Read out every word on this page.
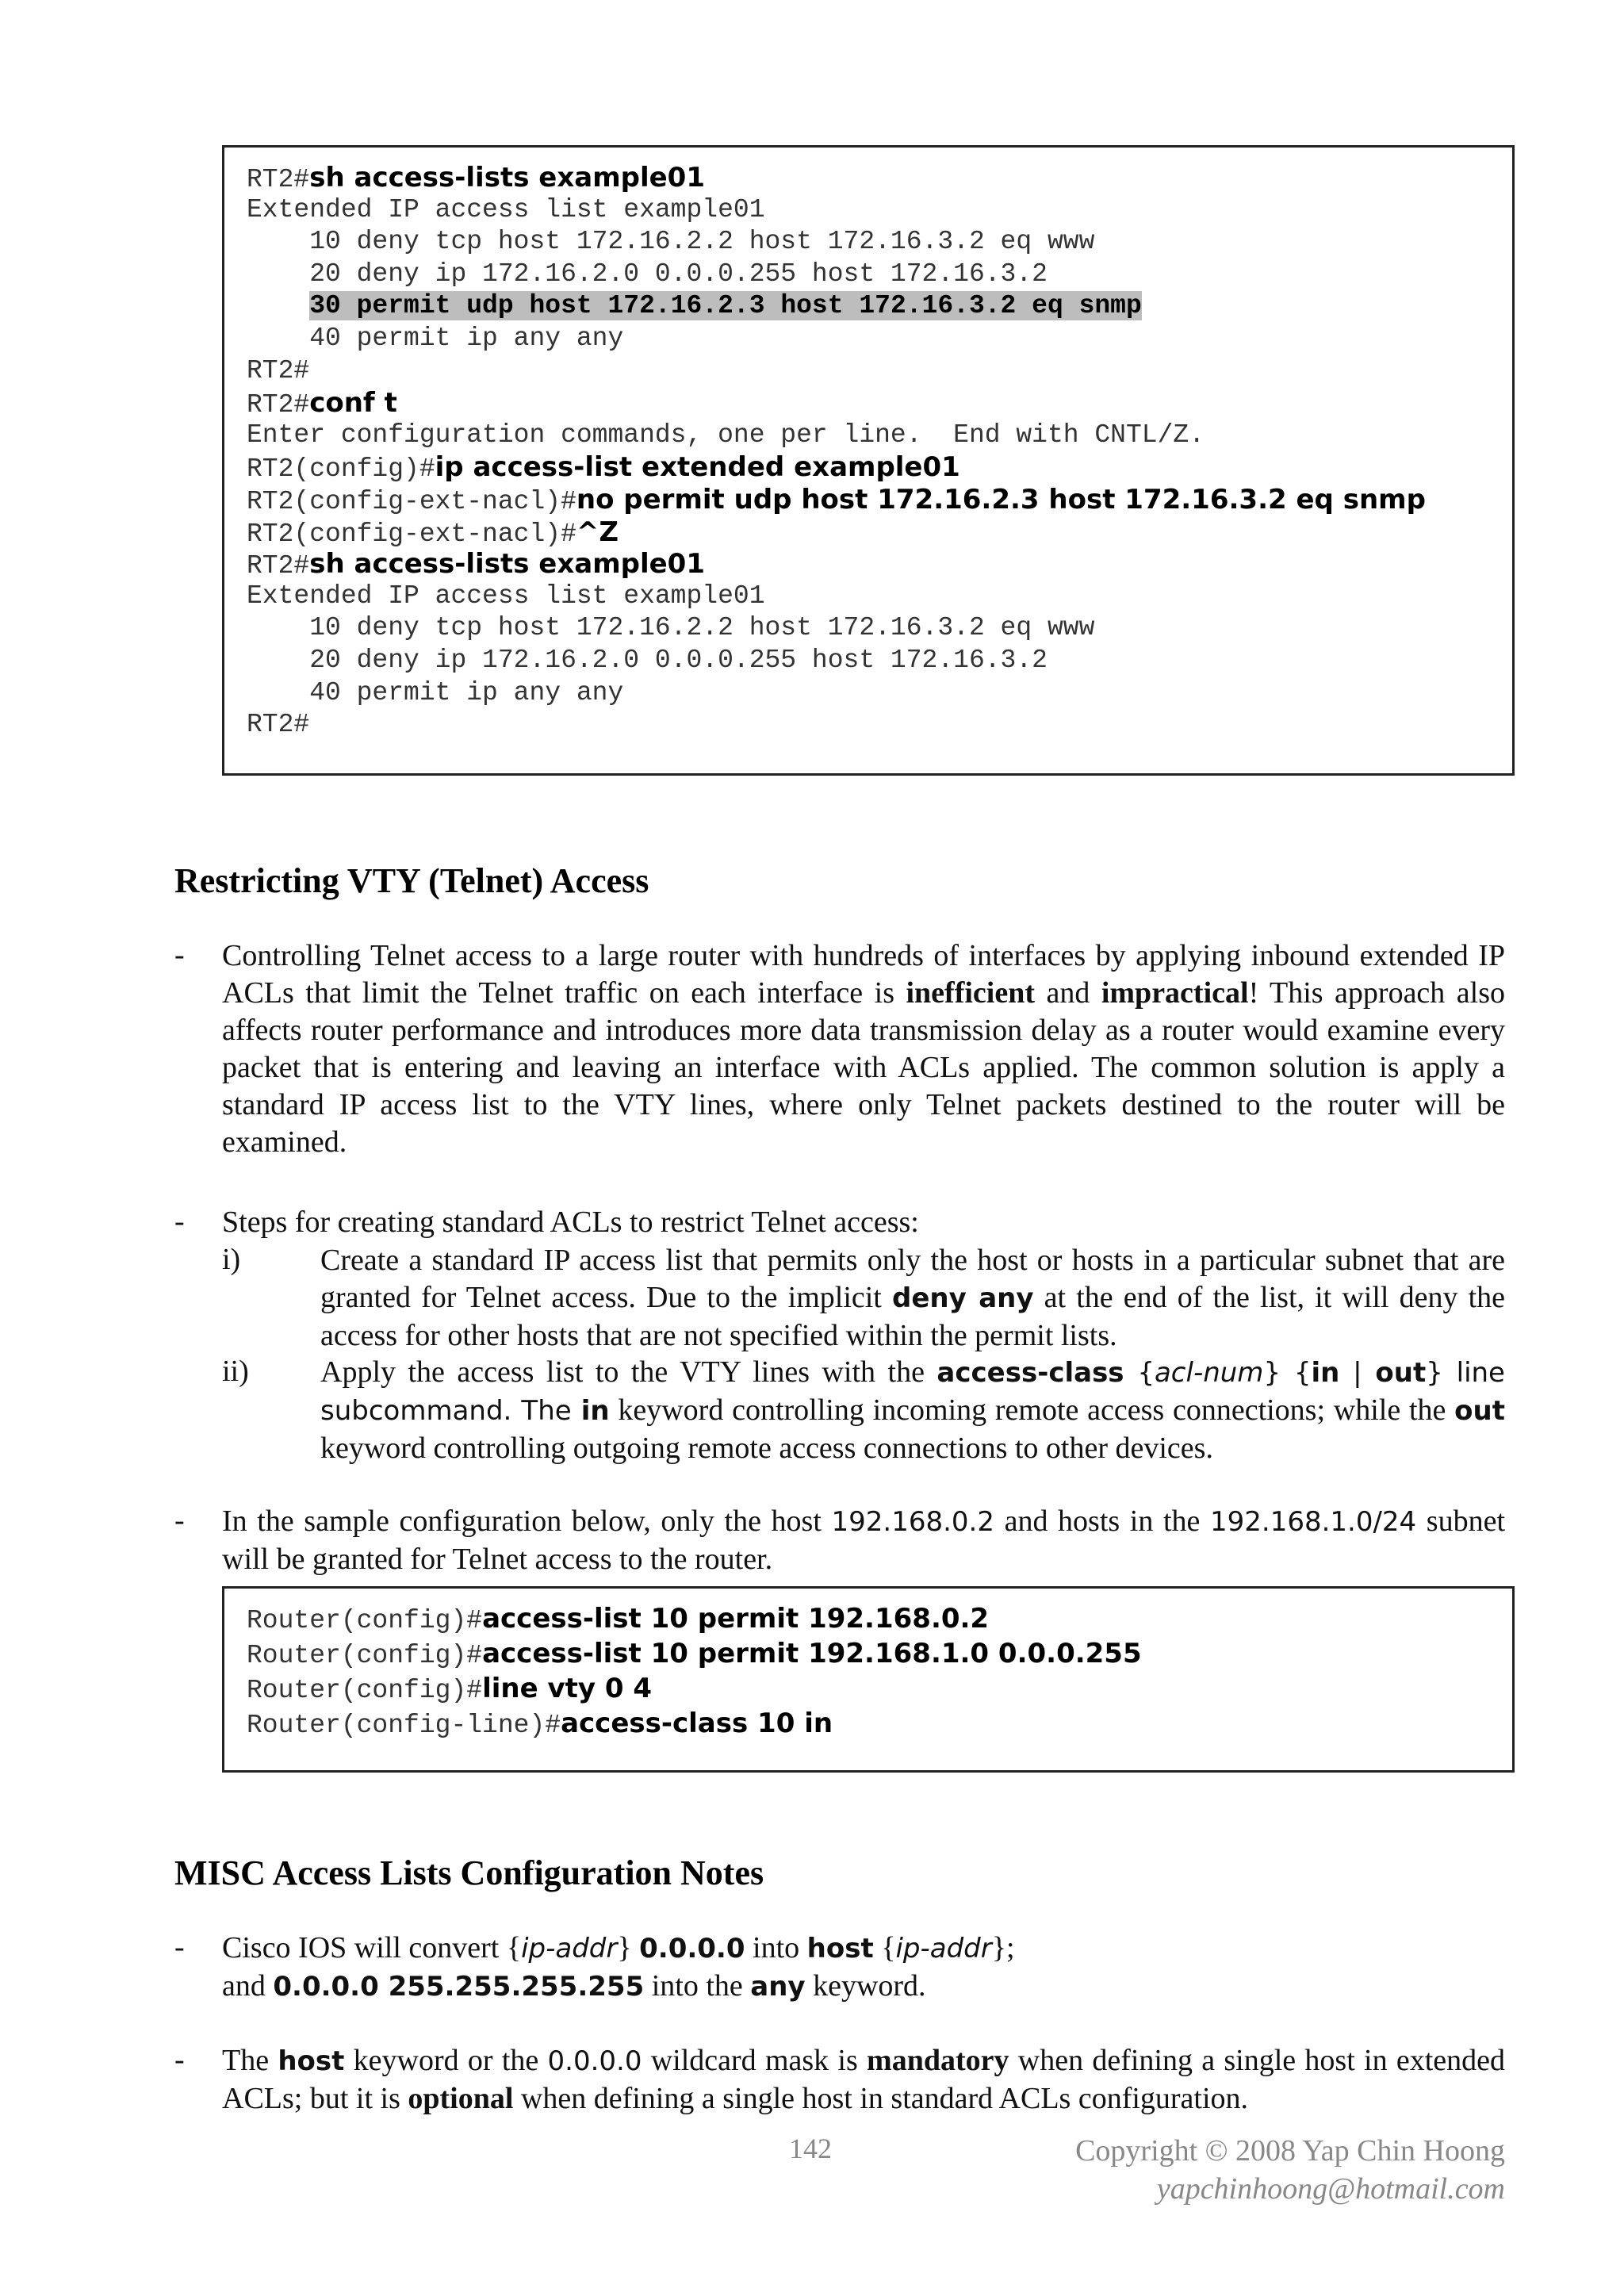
RT2#sh access-lists example01
Extended IP access list example01
10 deny tcp host 172.16.2.2 host 172.16.3.2 eq www
20 deny ip 172.16.2.0 0.0.0.255 host 172.16.3.2
30 permit udp host 172.16.2.3 host 172.16.3.2 eq snmp
40 permit ip any any
RT2#
RT2#conf t
Enter configuration commands, one per line.  End with CNTL/Z.
RT2(config)#ip access-list extended example01
RT2(config-ext-nacl)#no permit udp host 172.16.2.3 host 172.16.3.2 eq snmp
RT2(config-ext-nacl)#^Z
RT2#sh access-lists example01
Extended IP access list example01
10 deny tcp host 172.16.2.2 host 172.16.3.2 eq www
20 deny ip 172.16.2.0 0.0.0.255 host 172.16.3.2
40 permit ip any any
RT2#
Restricting VTY (Telnet) Access
- Controlling Telnet access to a large router with hundreds of interfaces by applying inbound extended IP ACLs that limit the Telnet traffic on each interface is inefficient and impractical! This approach also affects router performance and introduces more data transmission delay as a router would examine every packet that is entering and leaving an interface with ACLs applied. The common solution is apply a standard IP access list to the VTY lines, where only Telnet packets destined to the router will be examined.
- Steps for creating standard ACLs to restrict Telnet access:
i)	Create a standard IP access list that permits only the host or hosts in a particular subnet that are granted for Telnet access. Due to the implicit deny any at the end of the list, it will deny the access for other hosts that are not specified within the permit lists.
ii) Apply the access list to the VTY lines with the access-class {acl-num} {in | out} line subcommand. The in keyword controlling incoming remote access connections; while the out keyword controlling outgoing remote access connections to other devices.
- In the sample configuration below, only the host 192.168.0.2 and hosts in the 192.168.1.0/24 subnet will be granted for Telnet access to the router.
Router(config)#access-list 10 permit 192.168.0.2
Router(config)#access-list 10 permit 192.168.1.0 0.0.0.255
Router(config)#line vty 0 4
Router(config-line)#access-class 10 in
MISC Access Lists Configuration Notes
- Cisco IOS will convert {ip-addr} 0.0.0.0 into host {ip-addr};
and 0.0.0.0 255.255.255.255 into the any keyword.
- The host keyword or the 0.0.0.0 wildcard mask is mandatory when defining a single host in extended ACLs; but it is optional when defining a single host in standard ACLs configuration.
142	Copyright © 2008 Yap Chin Hoong
yapchinhoong@hotmail.com
